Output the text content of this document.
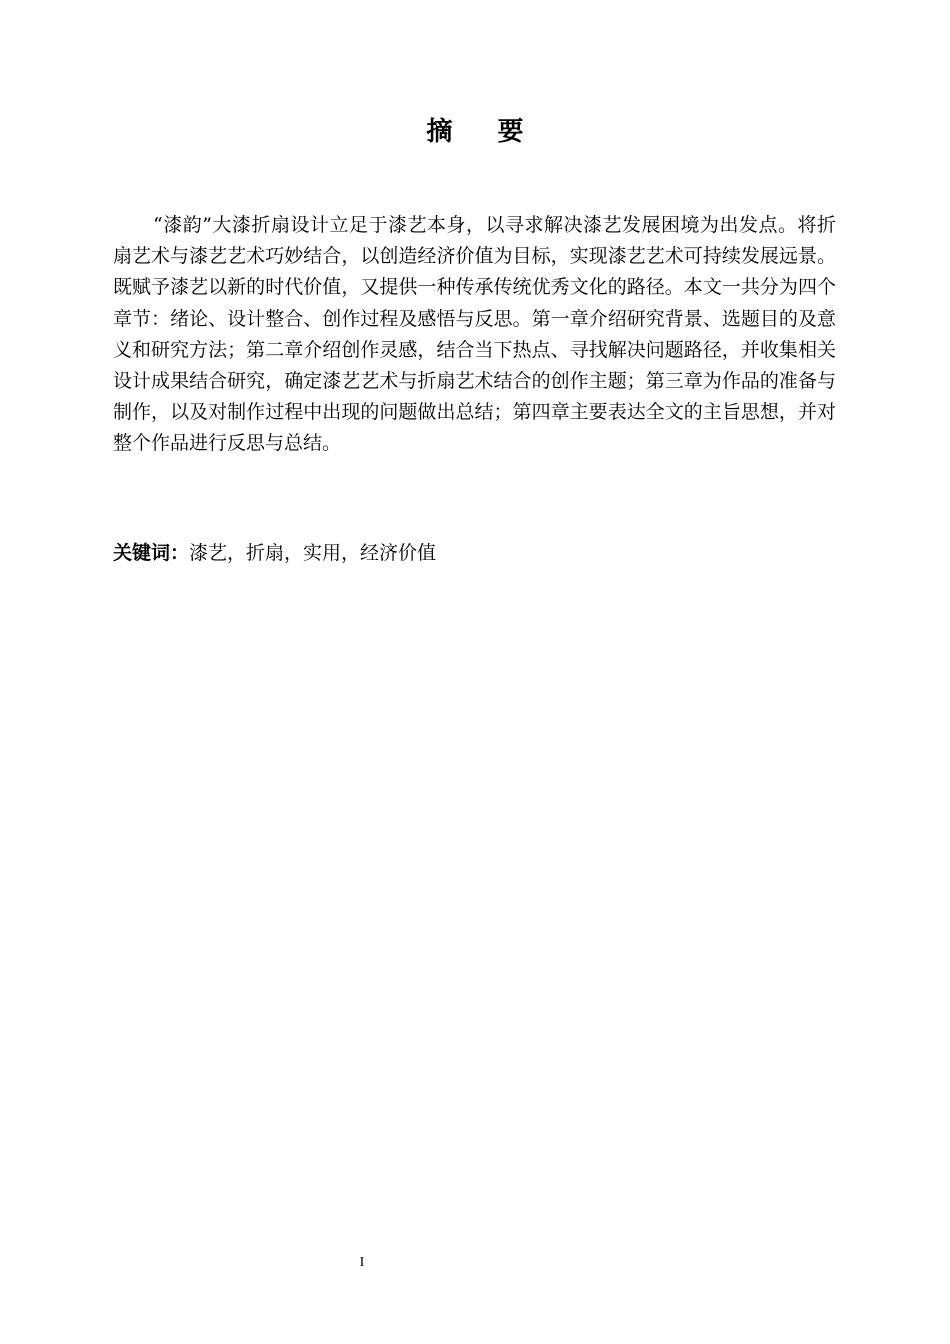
摘 要

“漆韵”大漆折扇设计立足于漆艺本身，以寻求解决漆艺发展困境为出发点。将折扇艺术与漆艺艺术巧妙结合，以创造经济价值为目标，实现漆艺艺术可持续发展远景。既赋予漆艺以新的时代价值，又提供一种传承传统优秀文化的路径。本文一共分为四个章节：绪论、设计整合、创作过程及感悟与反思。第一章介绍研究背景、选题目的及意义和研究方法；第二章介绍创作灵感，结合当下热点、寻找解决问题路径，并收集相关设计成果结合研究，确定漆艺艺术与折扇艺术结合的创作主题；第三章为作品的准备与制作，以及对制作过程中出现的问题做出总结；第四章主要表达全文的主旨思想，并对整个作品进行反思与总结。

关键词：漆艺，折扇，实用，经济价值
I
